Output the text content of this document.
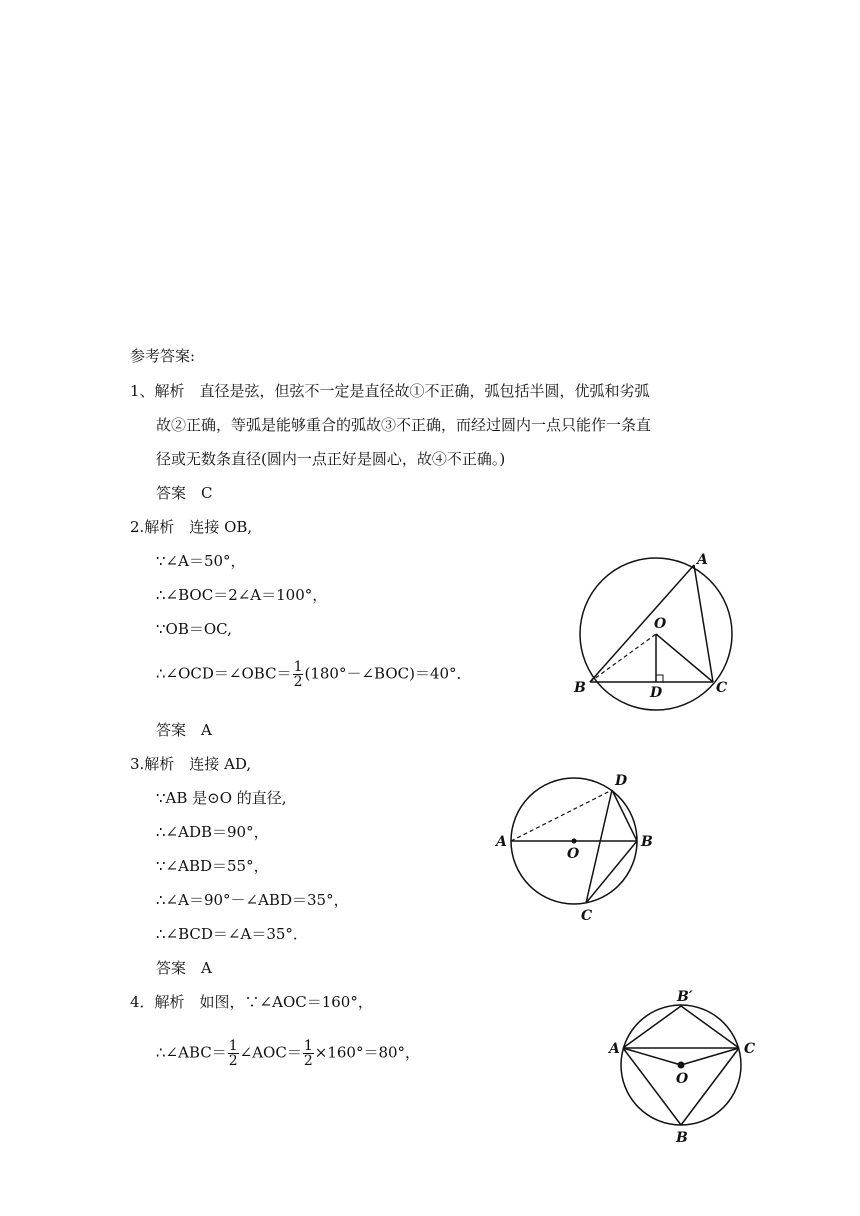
参考答案:
1、解析　直径是弦，但弦不一定是直径故①不正确，弧包括半圆，优弧和劣弧
故②正确，等弧是能够重合的弧故③不正确，而经过圆内一点只能作一条直
径或无数条直径(圆内一点正好是圆心，故④不正确。)
答案　C
2.解析　连接 OB,
∵∠A＝50°，
∴∠BOC＝2∠A＝100°，
∵OB＝OC,
∴∠OCD＝∠OBC＝ $\frac{1}{2}$ (180°－∠BOC)＝40°．
答案　A
A
O
B	D	C
3.解析　连接 AD,
∵AB 是⊙O 的直径,
∴∠ADB＝90°，
∵∠ABD＝55°，
∴∠A＝90°－∠ABD＝35°，
∴∠BCD＝∠A＝35°．
答案　A
D
A
O
B
C
4．解析　如图，∵∠AOC＝160°，
∴∠ABC＝ $\frac{1}{2}$ ∠AOC＝ $\frac{1}{2} \times 160^\circ=80^\circ$，
B′
A	C
O
B
